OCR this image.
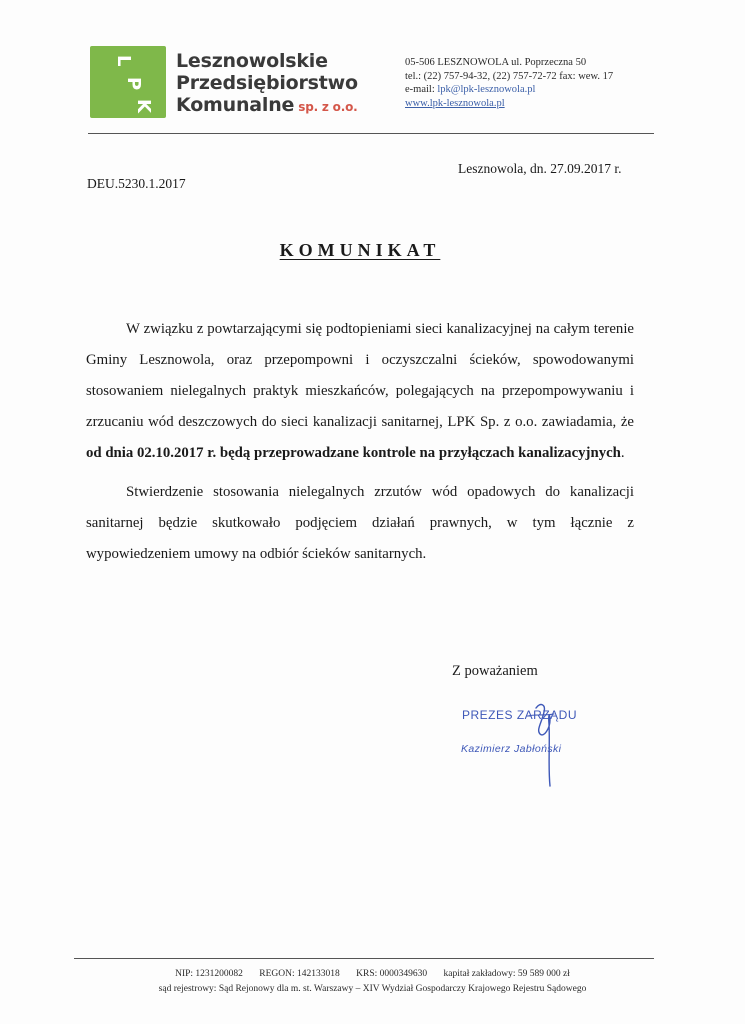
L
P
K
Lesznowolskie
Przedsiębiorstwo
Komunalne sp. z o.o.
05-506 LESZNOWOLA ul. Poprzeczna 50
tel.: (22) 757-94-32, (22) 757-72-72 fax: wew. 17
e-mail: lpk@lpk-lesznowola.pl
www.lpk-lesznowola.pl
Lesznowola, dn. 27.09.2017 r.
DEU.5230.1.2017
KOMUNIKAT

W związku z powtarzającymi się podtopieniami sieci kanalizacyjnej na całym terenie Gminy Lesznowola, oraz przepompowni i oczyszczalni ścieków, spowodowanymi stosowaniem nielegalnych praktyk mieszkańców, polegających na przepompowywaniu i zrzucaniu wód deszczowych do sieci kanalizacji sanitarnej, LPK Sp. z o.o. zawiadamia, że od dnia 02.10.2017 r. będą przeprowadzane kontrole na przyłączach kanalizacyjnych.

Stwierdzenie stosowania nielegalnych zrzutów wód opadowych do kanalizacji sanitarnej będzie skutkowało podjęciem działań prawnych, w tym łącznie z wypowiedzeniem umowy na odbiór ścieków sanitarnych.

Z poważaniem
PREZES ZARZĄDU
Kazimierz Jabłoński
NIP: 1231200082 REGON: 142133018 KRS: 0000349630 kapitał zakładowy: 59 589 000 zł
sąd rejestrowy: Sąd Rejonowy dla m. st. Warszawy – XIV Wydział Gospodarczy Krajowego Rejestru Sądowego
